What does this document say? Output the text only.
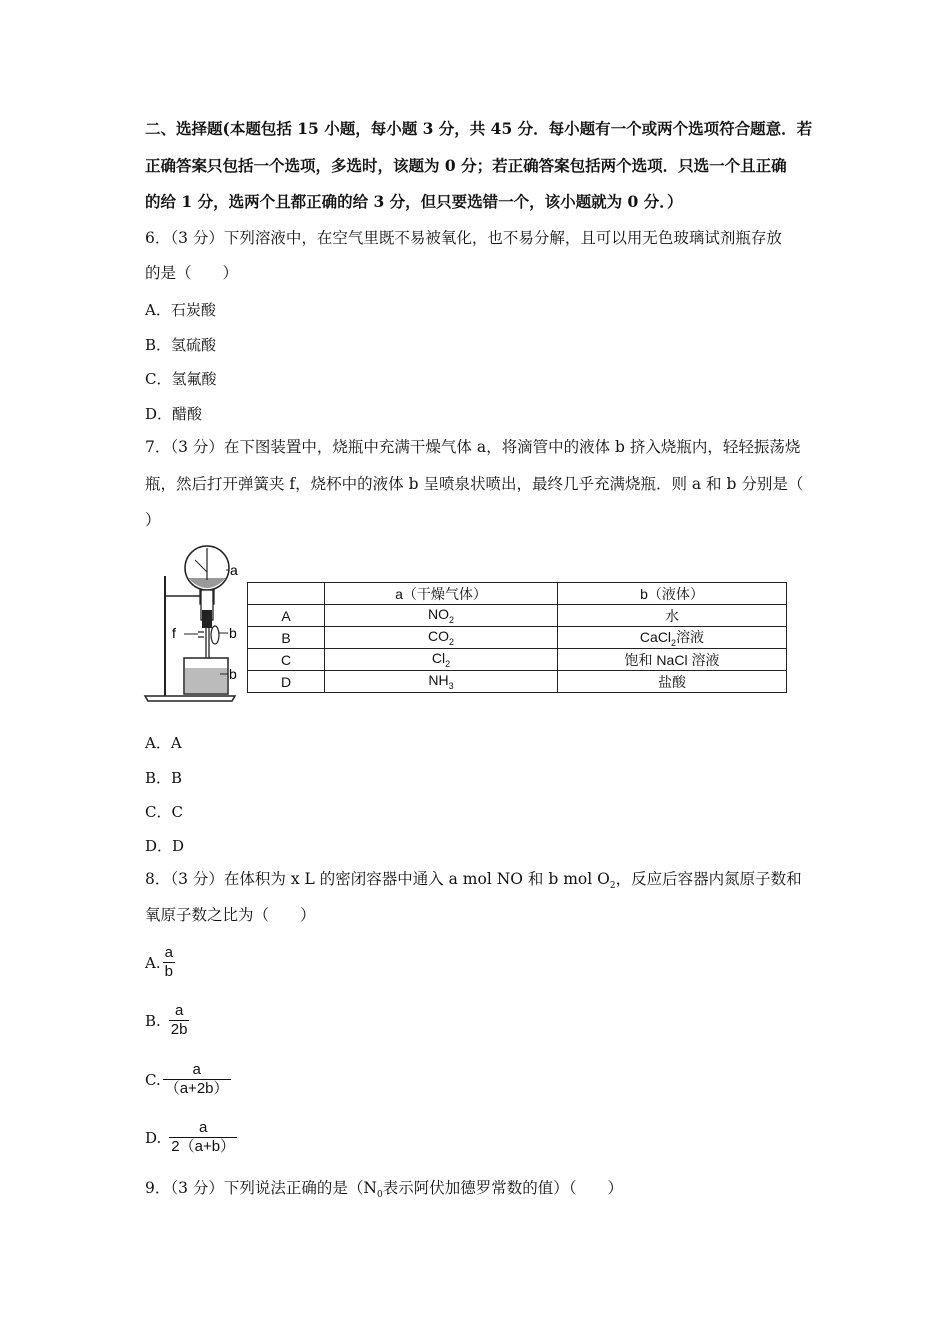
二、选择题(本题包括 15 小题，每小题 3 分，共 45 分．每小题有一个或两个选项符合题意．若
正确答案只包括一个选项，多选时，该题为 0 分；若正确答案包括两个选项．只选一个且正确
的给 1 分，选两个且都正确的给 3 分，但只要选错一个，该小题就为 0 分．）
6．（3 分）下列溶液中，在空气里既不易被氧化，也不易分解，且可以用无色玻璃试剂瓶存放
的是（　　）
A．石炭酸
B．氢硫酸
C．氢氟酸
D．醋酸
7．（3 分）在下图装置中，烧瓶中充满干燥气体 a，将滴管中的液体 b 挤入烧瓶内，轻轻振荡烧
瓶，然后打开弹簧夹 f，烧杯中的液体 b 呈喷泉状喷出，最终几乎充满烧瓶．则 a 和 b 分别是（
）
a
f	b
b
	a（干燥气体）	b（液体）
A	$NO_2$	水
B	$CO_2$	CaCl$_2$溶液
C	$Cl_2$	饱和 NaCl 溶液
D	$NH_3$	盐酸
A．A
B．B
C．C
D．D
8．（3 分）在体积为 x L 的密闭容器中通入 a mol NO 和 b mol $O_2$，反应后容器内氮原子数和
氧原子数之比为（　　）
A. $\frac{a}{b}$
B. $\frac{a}{2b}$
C. $\frac{a}{(a+2b)}$
D. $\frac{a}{2(a+b)}$
9．（3 分）下列说法正确的是（$N_0$表示阿伏加德罗常数的值）（　　）
